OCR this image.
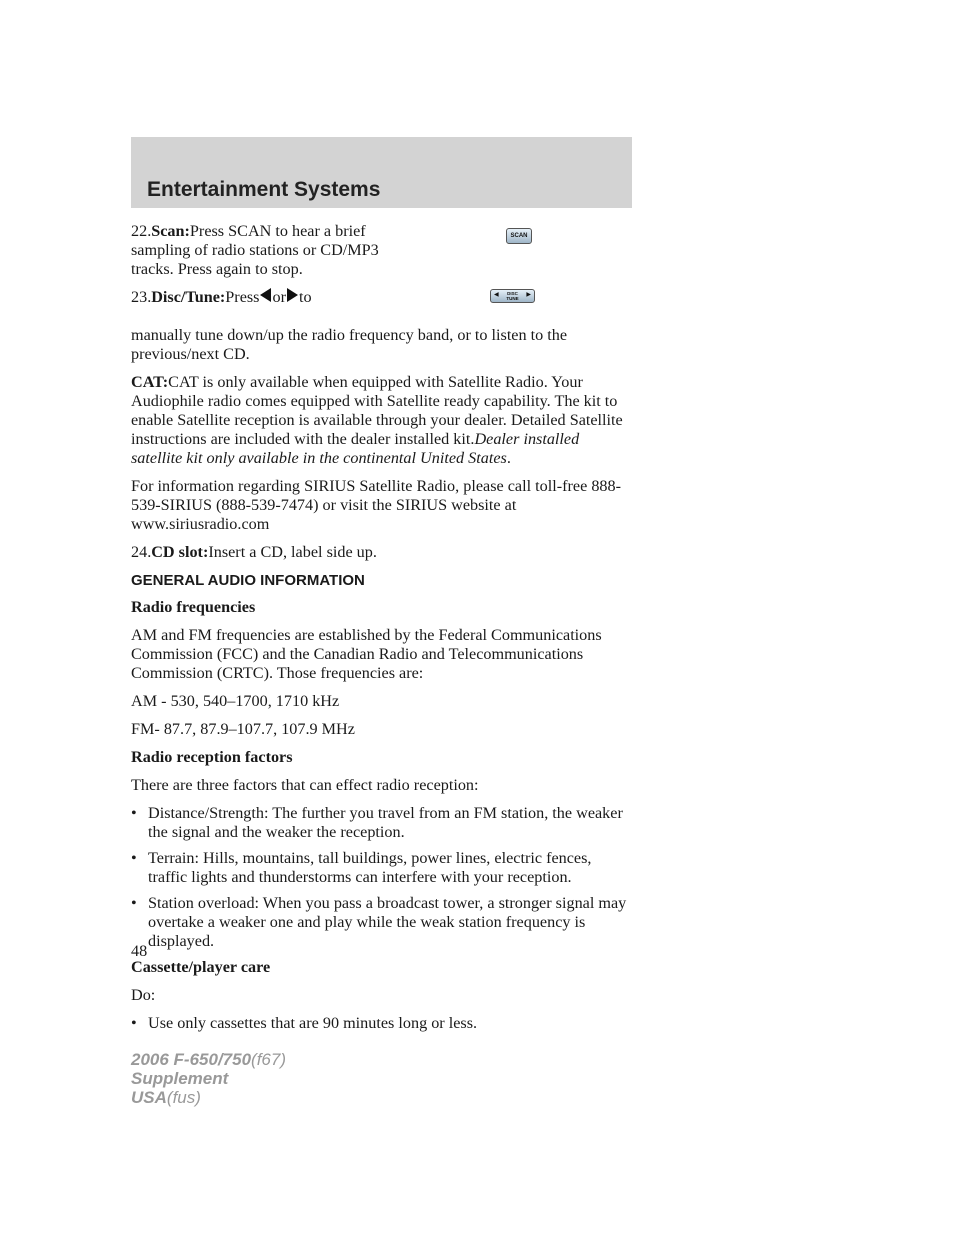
Entertainment Systems
SCAN
◀	DISC
TUNE
▶

22.Scan:Press SCAN to hear a brief sampling of radio stations or CD/MP3 tracks. Press again to stop.

23.Disc/Tune:Press or to

manually tune down/up the radio frequency band, or to listen to the previous/next CD.

CAT:CAT is only available when equipped with Satellite Radio. Your Audiophile radio comes equipped with Satellite ready capability. The kit to enable Satellite reception is available through your dealer. Detailed Satellite instructions are included with the dealer installed kit.Dealer installed satellite kit only available in the continental United States.

For information regarding SIRIUS Satellite Radio, please call toll-free 888-539-SIRIUS (888-539-7474) or visit the SIRIUS website at www.siriusradio.com

24.CD slot:Insert a CD, label side up.

GENERAL AUDIO INFORMATION

Radio frequencies

AM and FM frequencies are established by the Federal Communications Commission (FCC) and the Canadian Radio and Telecommunications Commission (CRTC). Those frequencies are:

AM - 530, 540–1700, 1710 kHz

FM- 87.7, 87.9–107.7, 107.9 MHz

Radio reception factors

There are three factors that can effect radio reception:

• Distance/Strength: The further you travel from an FM station, the weaker the signal and the weaker the reception.
• Terrain: Hills, mountains, tall buildings, power lines, electric fences, traffic lights and thunderstorms can interfere with your reception.
• Station overload: When you pass a broadcast tower, a stronger signal may overtake a weaker one and play while the weak station frequency is displayed.

Cassette/player care

Do:

• Use only cassettes that are 90 minutes long or less.
48
2006 F-650/750(f67)
Supplement
USA(fus)
